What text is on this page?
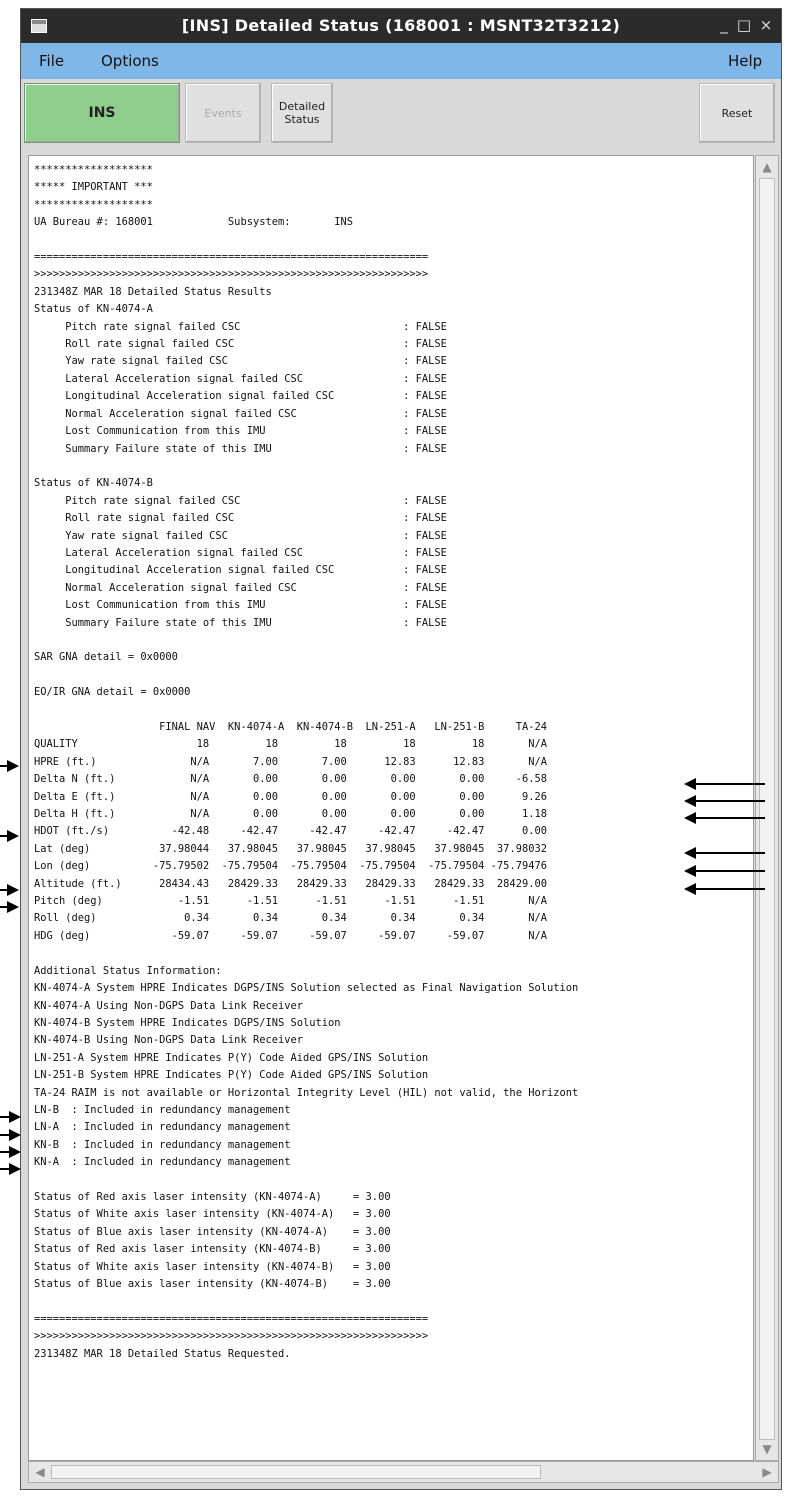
[INS] Detailed Status (168001 : MSNT32T3212)	_ □ ×
File Options	Help
INS	Events	Detailed
Status	Reset
*******************
***** IMPORTANT ***
*******************
UA Bureau #: 168001            Subsystem:       INS

===============================================================
>>>>>>>>>>>>>>>>>>>>>>>>>>>>>>>>>>>>>>>>>>>>>>>>>>>>>>>>>>>>>>>
231348Z MAR 18 Detailed Status Results
Status of KN-4074-A
Pitch rate signal failed CSC                          : FALSE
Roll rate signal failed CSC                           : FALSE
Yaw rate signal failed CSC                            : FALSE
Lateral Acceleration signal failed CSC                : FALSE
Longitudinal Acceleration signal failed CSC           : FALSE
Normal Acceleration signal failed CSC                 : FALSE
Lost Communication from this IMU                      : FALSE
Summary Failure state of this IMU                     : FALSE

Status of KN-4074-B
Pitch rate signal failed CSC                          : FALSE
Roll rate signal failed CSC                           : FALSE
Yaw rate signal failed CSC                            : FALSE
Lateral Acceleration signal failed CSC                : FALSE
Longitudinal Acceleration signal failed CSC           : FALSE
Normal Acceleration signal failed CSC                 : FALSE
Lost Communication from this IMU                      : FALSE
Summary Failure state of this IMU                     : FALSE

SAR GNA detail = 0x0000

EO/IR GNA detail = 0x0000

FINAL NAV  KN-4074-A  KN-4074-B  LN-251-A   LN-251-B     TA-24
QUALITY                   18         18         18         18         18       N/A
HPRE (ft.)               N/A       7.00       7.00      12.83      12.83       N/A
Delta N (ft.)            N/A       0.00       0.00       0.00       0.00     -6.58
Delta E (ft.)            N/A       0.00       0.00       0.00       0.00      9.26
Delta H (ft.)            N/A       0.00       0.00       0.00       0.00      1.18
HDOT (ft./s)          -42.48     -42.47     -42.47     -42.47     -42.47      0.00
Lat (deg)           37.98044   37.98045   37.98045   37.98045   37.98045  37.98032
Lon (deg)          -75.79502  -75.79504  -75.79504  -75.79504  -75.79504 -75.79476
Altitude (ft.)      28434.43   28429.33   28429.33   28429.33   28429.33  28429.00
Pitch (deg)            -1.51      -1.51      -1.51      -1.51      -1.51       N/A
Roll (deg)              0.34       0.34       0.34       0.34       0.34       N/A
HDG (deg)             -59.07     -59.07     -59.07     -59.07     -59.07       N/A

Additional Status Information:
KN-4074-A System HPRE Indicates DGPS/INS Solution selected as Final Navigation Solution
KN-4074-A Using Non-DGPS Data Link Receiver
KN-4074-B System HPRE Indicates DGPS/INS Solution
KN-4074-B Using Non-DGPS Data Link Receiver
LN-251-A System HPRE Indicates P(Y) Code Aided GPS/INS Solution
LN-251-B System HPRE Indicates P(Y) Code Aided GPS/INS Solution
TA-24 RAIM is not available or Horizontal Integrity Level (HIL) not valid, the Horizont
LN-B  : Included in redundancy management
LN-A  : Included in redundancy management
KN-B  : Included in redundancy management
KN-A  : Included in redundancy management

Status of Red axis laser intensity (KN-4074-A)     = 3.00
Status of White axis laser intensity (KN-4074-A)   = 3.00
Status of Blue axis laser intensity (KN-4074-A)    = 3.00
Status of Red axis laser intensity (KN-4074-B)     = 3.00
Status of White axis laser intensity (KN-4074-B)   = 3.00
Status of Blue axis laser intensity (KN-4074-B)    = 3.00

===============================================================
>>>>>>>>>>>>>>>>>>>>>>>>>>>>>>>>>>>>>>>>>>>>>>>>>>>>>>>>>>>>>>>
231348Z MAR 18 Detailed Status Requested.
▲
▼
◀	▶
